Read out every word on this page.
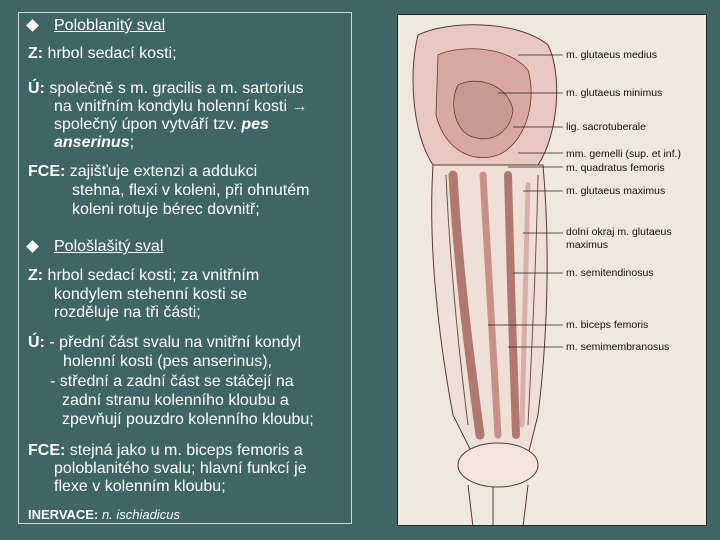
Poloblanitý sval
Z: hrbol sedací kosti;
Ú: společně s m. gracilis a m. sartorius
na vnitřním kondylu holenní kosti →
společný úpon vytváří tzv. pes
anserinus;
FCE: zajišťuje extenzi a addukci
stehna, flexi v koleni, při ohnutém
koleni rotuje bérec dovnitř;
Pološlašitý sval
Z: hrbol sedací kosti; za vnitřním
kondylem stehenní kosti se
rozděluje na tři části;
Ú: - přední část svalu na vnitřní kondyl
holenní kosti (pes anserinus),
- střední a zadní část se stáčejí na
zadní stranu kolenního kloubu a
zpevňují pouzdro kolenního kloubu;
FCE: stejná jako u m. biceps femoris a
poloblanitého svalu; hlavní funkcí je
flexe v kolenním kloubu;
INERVACE: n. ischiadicus
m. glutaeus medius
m. glutaeus minimus
lig. sacrotuberale
mm. gemelli (sup. et inf.)
m. quadratus femoris
m. glutaeus maximus
dolní okraj m. glutaeus
maximus
m. semitendinosus
m. biceps femoris
m. semimembranosus
